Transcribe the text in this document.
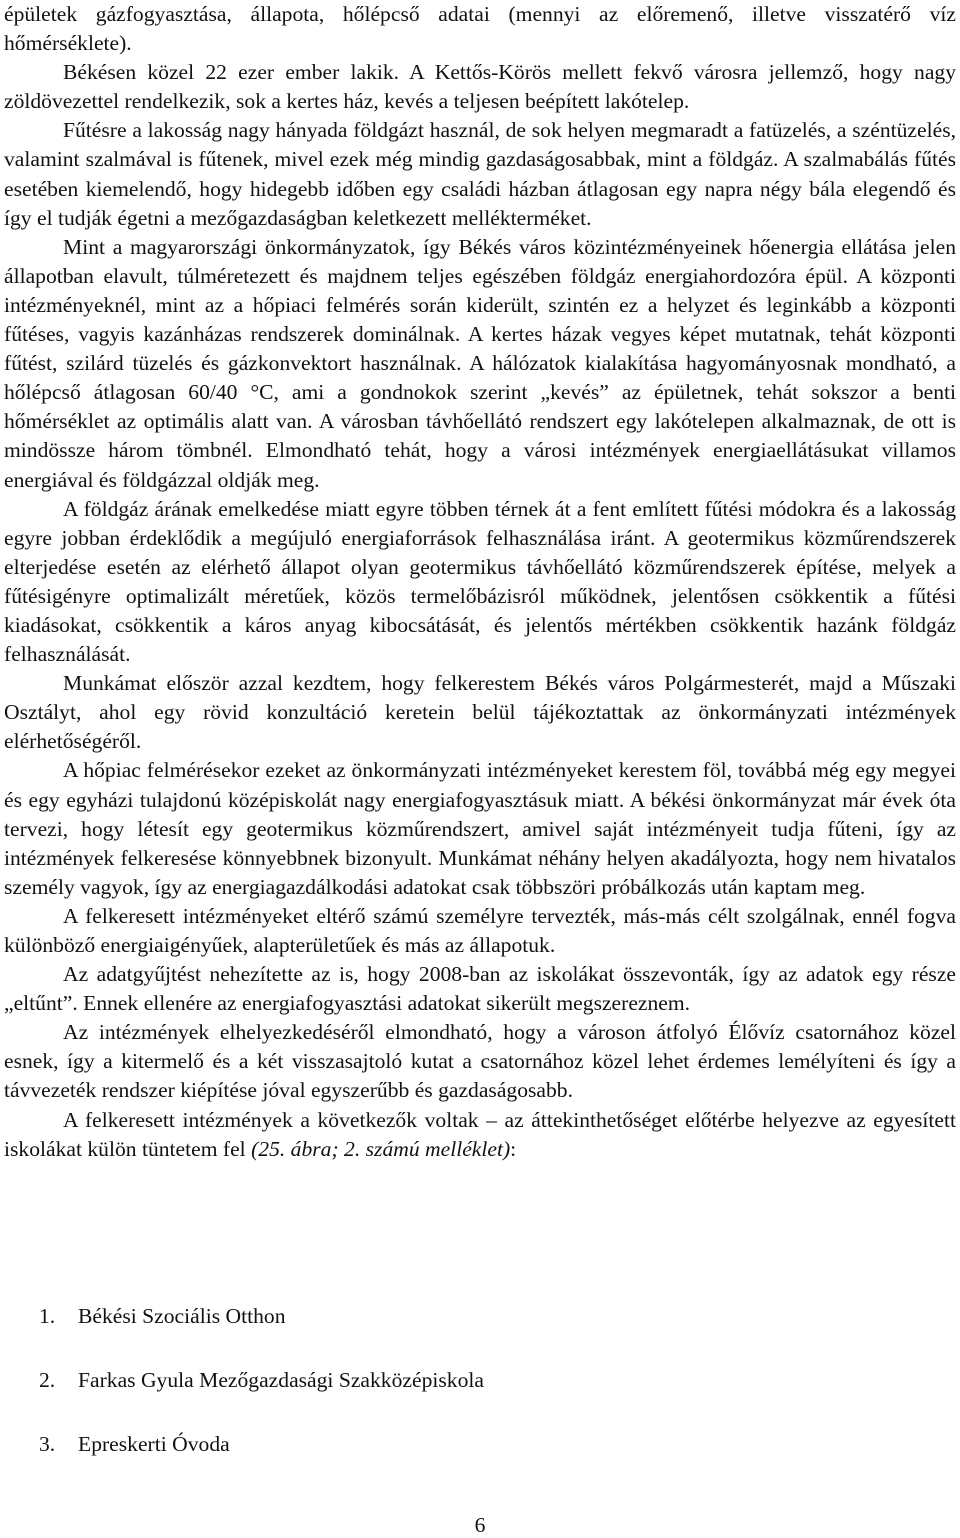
épületek gázfogyasztása, állapota, hőlépcső adatai (mennyi az előremenő, illetve visszatérő víz hőmérséklete).

Békésen közel 22 ezer ember lakik. A Kettős-Körös mellett fekvő városra jellemző, hogy nagy zöldövezettel rendelkezik, sok a kertes ház, kevés a teljesen beépített lakótelep.

Fűtésre a lakosság nagy hányada földgázt használ, de sok helyen megmaradt a fatüzelés, a széntüzelés, valamint szalmával is fűtenek, mivel ezek még mindig gazdaságosabbak, mint a földgáz. A szalmabálás fűtés esetében kiemelendő, hogy hidegebb időben egy családi házban átlagosan egy napra négy bála elegendő és így el tudják égetni a mezőgazdaságban keletkezett mellékterméket.

Mint a magyarországi önkormányzatok, így Békés város közintézményeinek hőenergia ellátása jelen állapotban elavult, túlméretezett és majdnem teljes egészében földgáz energiahordozóra épül. A központi intézményeknél, mint az a hőpiaci felmérés során kiderült, szintén ez a helyzet és leginkább a központi fűtéses, vagyis kazánházas rendszerek dominálnak. A kertes házak vegyes képet mutatnak, tehát központi fűtést, szilárd tüzelés és gázkonvektort használnak. A hálózatok kialakítása hagyományosnak mondható, a hőlépcső átlagosan 60/40 °C, ami a gondnokok szerint „kevés” az épületnek, tehát sokszor a benti hőmérséklet az optimális alatt van. A városban távhőellátó rendszert egy lakótelepen alkalmaznak, de ott is mindössze három tömbnél. Elmondható tehát, hogy a városi intézmények energiaellátásukat villamos energiával és földgázzal oldják meg.

A földgáz árának emelkedése miatt egyre többen térnek át a fent említett fűtési módokra és a lakosság egyre jobban érdeklődik a megújuló energiaforrások felhasználása iránt. A geotermikus közműrendszerek elterjedése esetén az elérhető állapot olyan geotermikus távhőellátó közműrendszerek építése, melyek a fűtésigényre optimalizált méretűek, közös termelőbázisról működnek, jelentősen csökkentik a fűtési kiadásokat, csökkentik a káros anyag kibocsátását, és jelentős mértékben csökkentik hazánk földgáz felhasználását.

Munkámat először azzal kezdtem, hogy felkerestem Békés város Polgármesterét, majd a Műszaki Osztályt, ahol egy rövid konzultáció keretein belül tájékoztattak az önkormányzati intézmények elérhetőségéről.

A hőpiac felmérésekor ezeket az önkormányzati intézményeket kerestem föl, továbbá még egy megyei és egy egyházi tulajdonú középiskolát nagy energiafogyasztásuk miatt. A békési önkormányzat már évek óta tervezi, hogy létesít egy geotermikus közműrendszert, amivel saját intézményeit tudja fűteni, így az intézmények felkeresése könnyebbnek bizonyult. Munkámat néhány helyen akadályozta, hogy nem hivatalos személy vagyok, így az energiagazdálkodási adatokat csak többszöri próbálkozás után kaptam meg.

A felkeresett intézményeket eltérő számú személyre tervezték, más-más célt szolgálnak, ennél fogva különböző energiaigényűek, alapterületűek és más az állapotuk.

Az adatgyűjtést nehezítette az is, hogy 2008-ban az iskolákat összevonták, így az adatok egy része „eltűnt”. Ennek ellenére az energiafogyasztási adatokat sikerült megszereznem.

Az intézmények elhelyezkedéséről elmondható, hogy a városon átfolyó Élővíz csatornához közel esnek, így a kitermelő és a két visszasajtoló kutat a csatornához közel lehet érdemes lemélyíteni és így a távvezeték rendszer kiépítése jóval egyszerűbb és gazdaságosabb.

A felkeresett intézmények a következők voltak – az áttekinthetőséget előtérbe helyezve az egyesített iskolákat külön tüntetem fel (25. ábra; 2. számú melléklet):

1. Békési Szociális Otthon
2. Farkas Gyula Mezőgazdasági Szakközépiskola
3. Epreskerti Óvoda
6
